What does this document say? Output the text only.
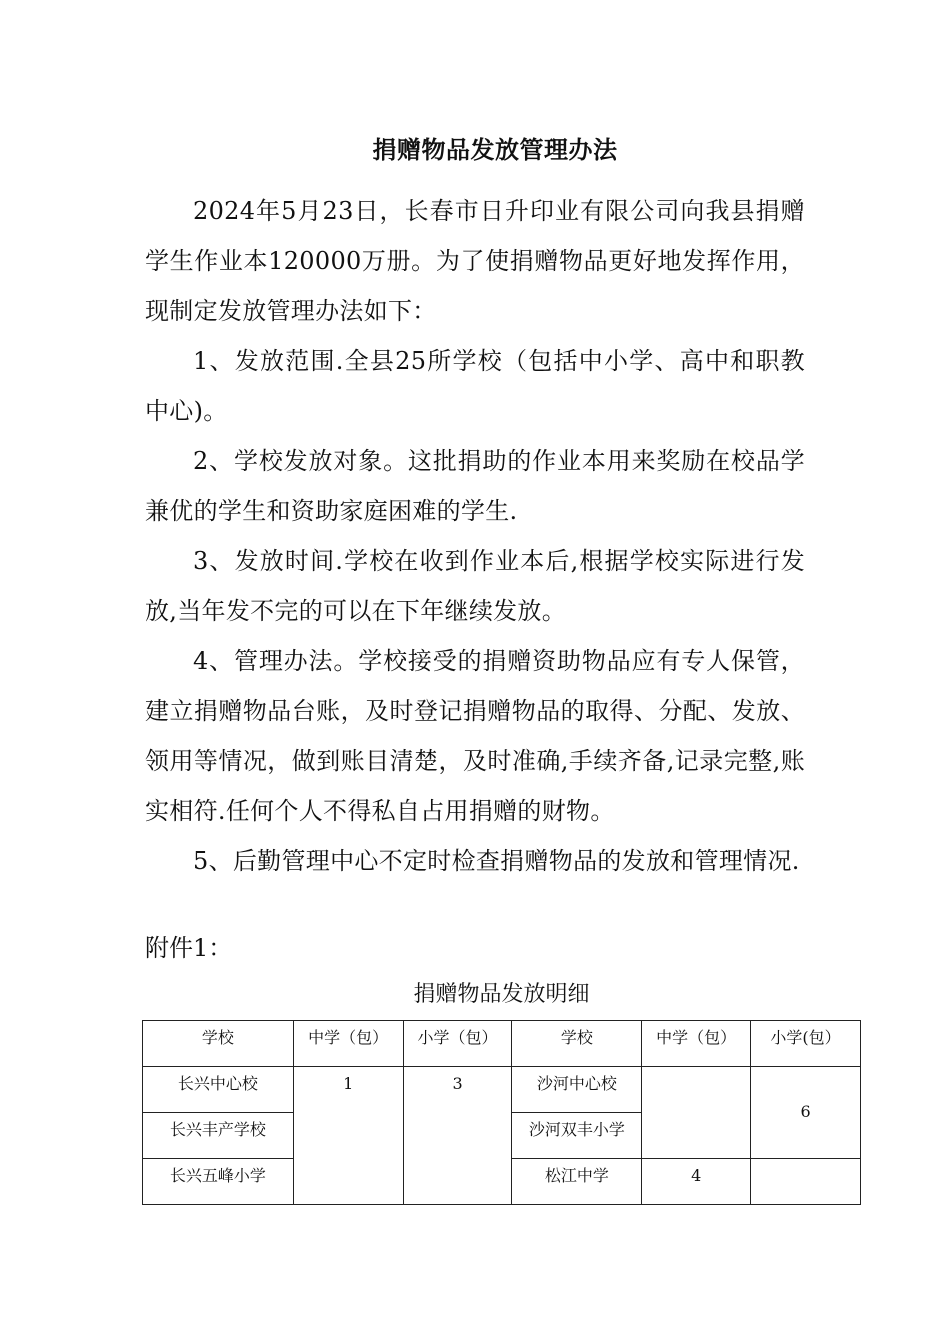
捐赠物品发放管理办法

2024年5月23日，长春市日升印业有限公司向我县捐赠学生作业本120000万册。为了使捐赠物品更好地发挥作用，现制定发放管理办法如下：

1、发放范围.全县25所学校（包括中小学、高中和职教中心)。

2、学校发放对象。这批捐助的作业本用来奖励在校品学兼优的学生和资助家庭困难的学生.

3、发放时间.学校在收到作业本后,根据学校实际进行发放,当年发不完的可以在下年继续发放。

4、管理办法。学校接受的捐赠资助物品应有专人保管，建立捐赠物品台账，及时登记捐赠物品的取得、分配、发放、领用等情况，做到账目清楚，及时准确,手续齐备,记录完整,账实相符.任何个人不得私自占用捐赠的财物。

5、后勤管理中心不定时检查捐赠物品的发放和管理情况.

附件1：
捐赠物品发放明细
学校	中学（包）	小学（包）	学校	中学（包）	小学(包）
长兴中心校	1	3	沙河中心校		6
长兴丰产学校			沙河双丰小学		
长兴五峰小学			松江中学	4	
